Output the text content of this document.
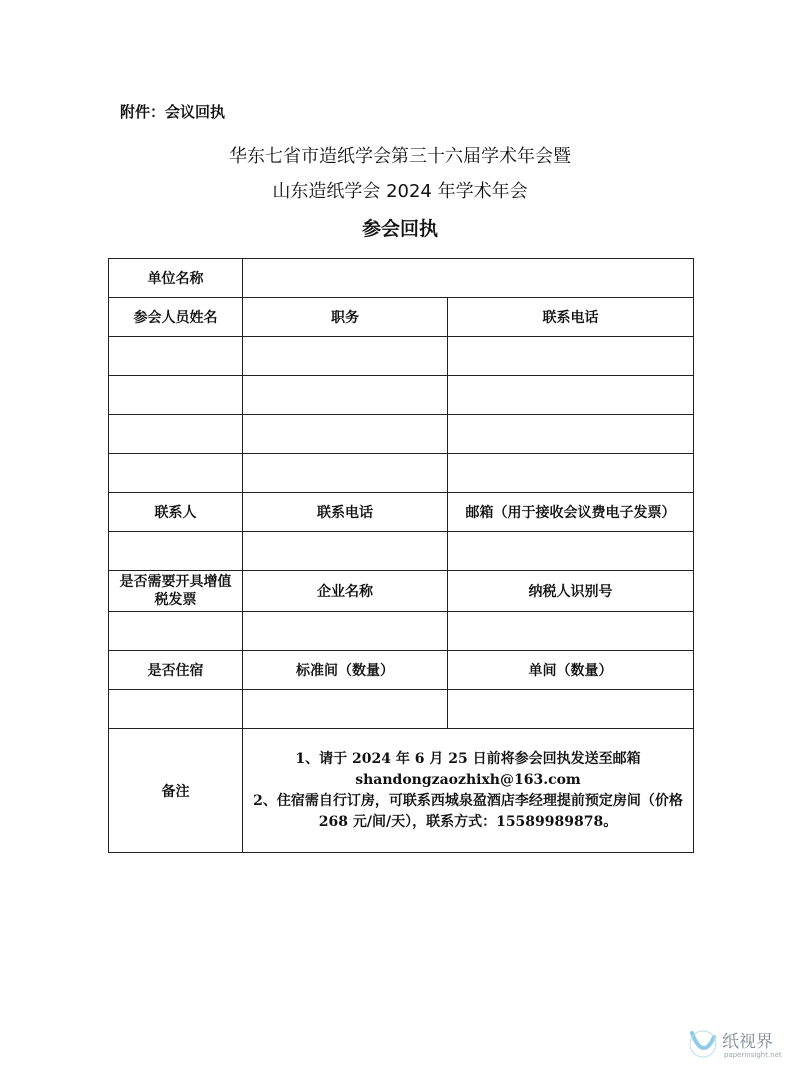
附件：会议回执
华东七省市造纸学会第三十六届学术年会暨
山东造纸学会 2024 年学术年会
参会回执
单位名称		
参会人员姓名	职务	联系电话

联系人	联系电话	邮箱（用于接收会议费电子发票）

是否需要开具增值税发票	企业名称	纳税人识别号

是否住宿	标准间（数量）	单间（数量）

备注	1、请于 2024 年 6 月 25 日前将参会回执发送至邮箱
shandongzaozhixh@163.com
2、住宿需自行订房，可联系西城泉盈酒店李经理提前预定房间（价格 268 元/间/天），联系方式：15589989878。	
纸视界
paperinsight.net
